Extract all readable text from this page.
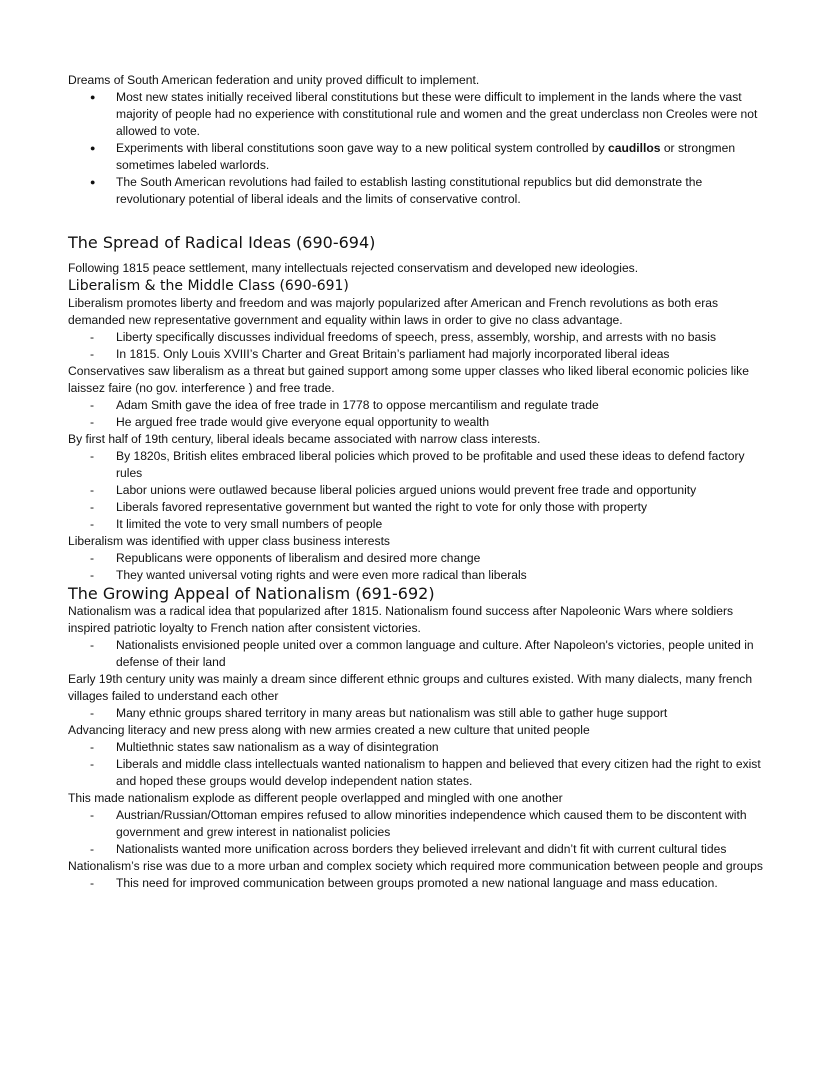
Dreams of South American federation and unity proved difficult to implement.

● Most new states initially received liberal constitutions but these were difficult to implement in the lands where the vast majority of people had no experience with constitutional rule and women and the great underclass non Creoles were not allowed to vote.
● Experiments with liberal constitutions soon gave way to a new political system controlled by caudillos or strongmen sometimes labeled warlords.
● The South American revolutions had failed to establish lasting constitutional republics but did demonstrate the revolutionary potential of liberal ideals and the limits of conservative control.
The Spread of Radical Ideas (690-694)

Following 1815 peace settlement, many intellectuals rejected conservatism and developed new ideologies.

Liberalism & the Middle Class (690-691)

Liberalism promotes liberty and freedom and was majorly popularized after American and French revolutions as both eras demanded new representative government and equality within laws in order to give no class advantage.

- Liberty specifically discusses individual freedoms of speech, press, assembly, worship, and arrests with no basis
- In 1815. Only Louis XVIII’s Charter and Great Britain’s parliament had majorly incorporated liberal ideas

Conservatives saw liberalism as a threat but gained support among some upper classes who liked liberal economic policies like laissez faire (no gov. interference ) and free trade.

- Adam Smith gave the idea of free trade in 1778 to oppose mercantilism and regulate trade
- He argued free trade would give everyone equal opportunity to wealth

By first half of 19th century, liberal ideals became associated with narrow class interests.

- By 1820s, British elites embraced liberal policies which proved to be profitable and used these ideas to defend factory rules
- Labor unions were outlawed because liberal policies argued unions would prevent free trade and opportunity
- Liberals favored representative government but wanted the right to vote for only those with property
- It limited the vote to very small numbers of people

Liberalism was identified with upper class business interests

- Republicans were opponents of liberalism and desired more change
- They wanted universal voting rights and were even more radical than liberals
The Growing Appeal of Nationalism (691-692)

Nationalism was a radical idea that popularized after 1815. Nationalism found success after Napoleonic Wars where soldiers inspired patriotic loyalty to French nation after consistent victories.

- Nationalists envisioned people united over a common language and culture. After Napoleon's victories, people united in defense of their land

Early 19th century unity was mainly a dream since different ethnic groups and cultures existed. With many dialects, many french villages failed to understand each other

- Many ethnic groups shared territory in many areas but nationalism was still able to gather huge support

Advancing literacy and new press along with new armies created a new culture that united people

- Multiethnic states saw nationalism as a way of disintegration
- Liberals and middle class intellectuals wanted nationalism to happen and believed that every citizen had the right to exist and hoped these groups would develop independent nation states.

This made nationalism explode as different people overlapped and mingled with one another

- Austrian/Russian/Ottoman empires refused to allow minorities independence which caused them to be discontent with government and grew interest in nationalist policies
- Nationalists wanted more unification across borders they believed irrelevant and didn’t fit with current cultural tides

Nationalism’s rise was due to a more urban and complex society which required more communication between people and groups

- This need for improved communication between groups promoted a new national language and mass education.
